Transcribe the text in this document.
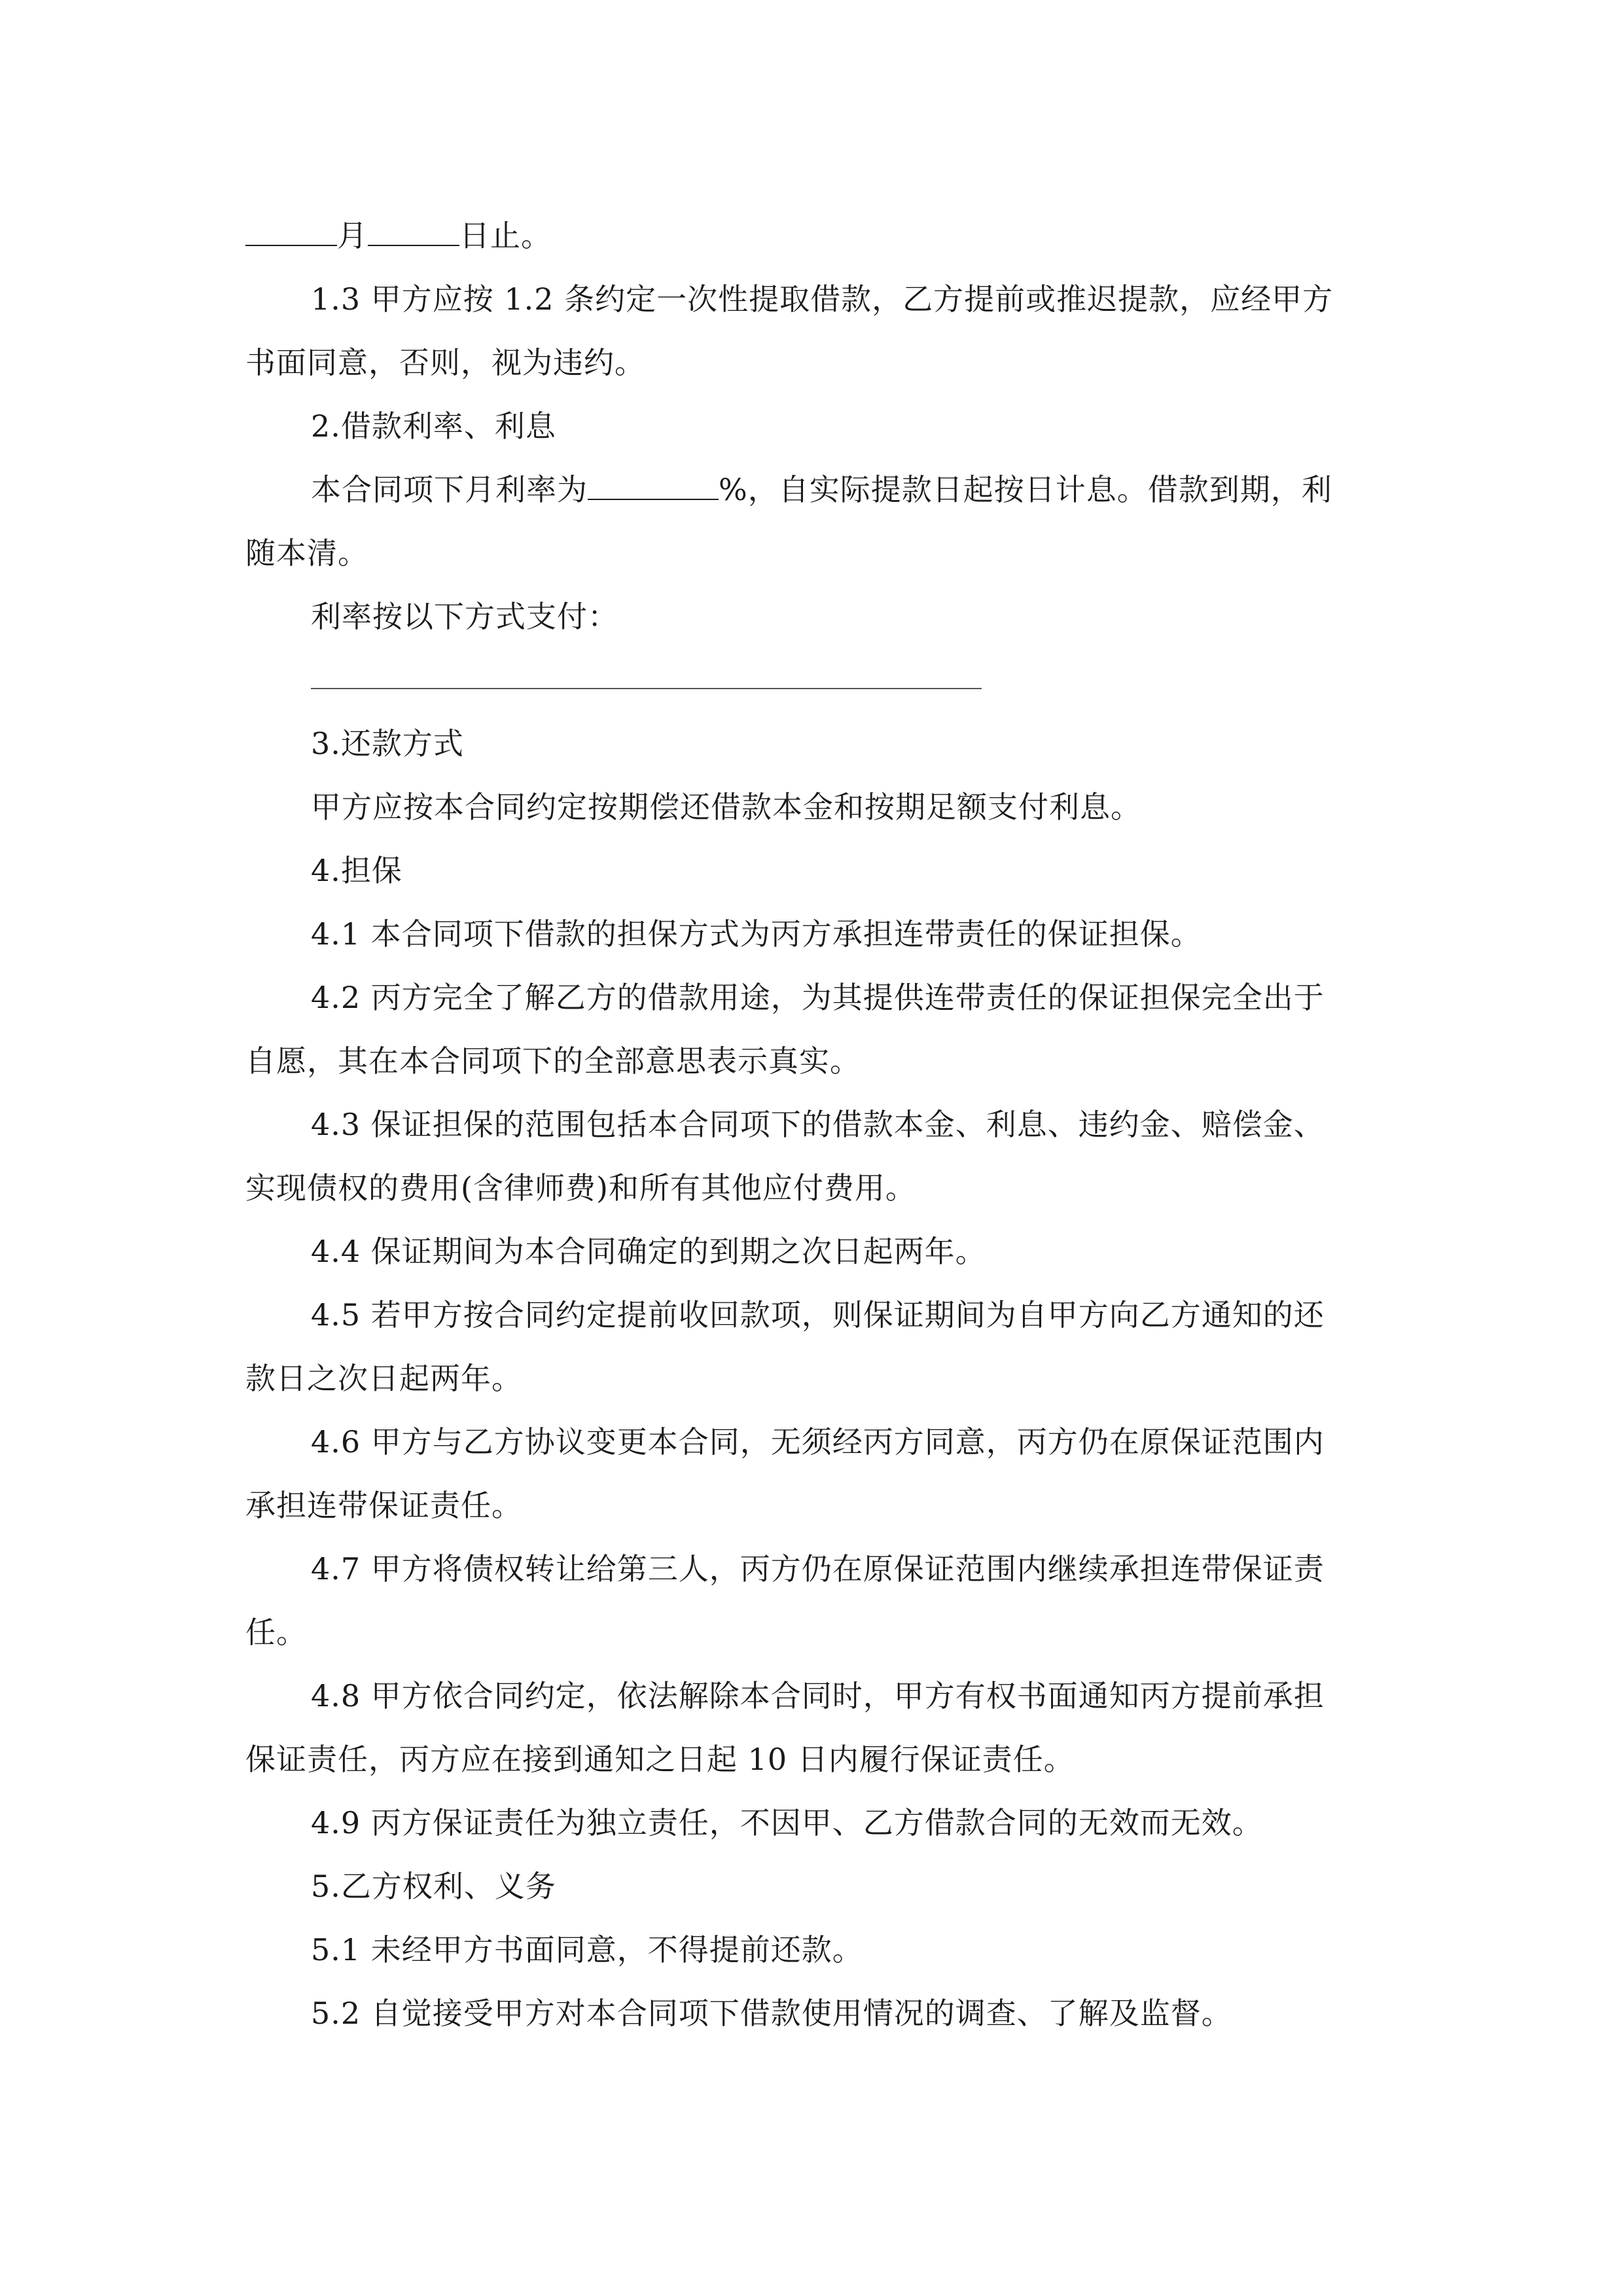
月	日止。
1.3 甲方应按 1.2 条约定一次性提取借款，乙方提前或推迟提款，应经甲方
书面同意，否则，视为违约。
2.借款利率、利息
本合同项下月利率为	%，自实际提款日起按日计息。借款到期，利
随本清。
利率按以下方式支付：
3.还款方式
甲方应按本合同约定按期偿还借款本金和按期足额支付利息。
4.担保
4.1 本合同项下借款的担保方式为丙方承担连带责任的保证担保。
4.2 丙方完全了解乙方的借款用途，为其提供连带责任的保证担保完全出于
自愿，其在本合同项下的全部意思表示真实。
4.3 保证担保的范围包括本合同项下的借款本金、利息、违约金、赔偿金、
实现债权的费用(含律师费)和所有其他应付费用。
4.4 保证期间为本合同确定的到期之次日起两年。
4.5 若甲方按合同约定提前收回款项，则保证期间为自甲方向乙方通知的还
款日之次日起两年。
4.6 甲方与乙方协议变更本合同，无须经丙方同意，丙方仍在原保证范围内
承担连带保证责任。
4.7 甲方将债权转让给第三人，丙方仍在原保证范围内继续承担连带保证责
任。
4.8 甲方依合同约定，依法解除本合同时，甲方有权书面通知丙方提前承担
保证责任，丙方应在接到通知之日起 10 日内履行保证责任。
4.9 丙方保证责任为独立责任，不因甲、乙方借款合同的无效而无效。
5.乙方权利、义务
5.1 未经甲方书面同意，不得提前还款。
5.2 自觉接受甲方对本合同项下借款使用情况的调查、了解及监督。
